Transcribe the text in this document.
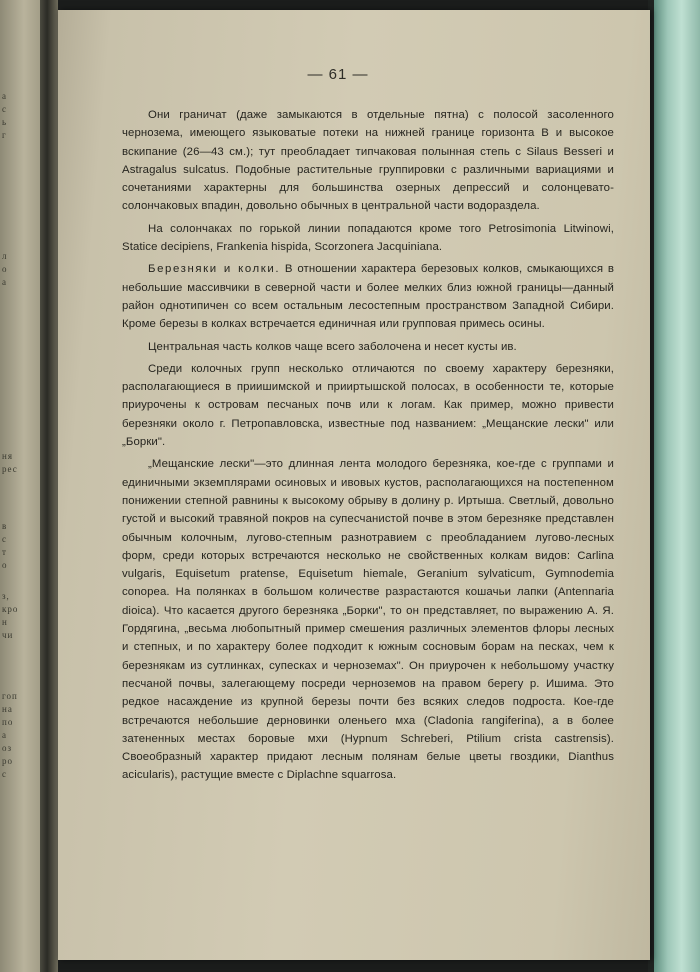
а
с
ь
г
л
о
а
ня
рес
в
с
т
о
з,
кро
н
чи
гоп
на
по
а
оз
ро
с
— 61 —

Они граничат (даже замыкаются в отдельные пятна) с полосой засоленного чернозема, имеющего языковатые потеки на нижней границе горизонта В и высокое вскипание (26—43 см.); тут преобладает типчаковая полынная степь с Silaus Besseri и Astragalus sulcatus. Подобные растительные группировки с различными вариациями и сочетаниями характерны для большинства озерных депрессий и солонцевато-солончаковых впадин, довольно обычных в центральной части водораздела.

На солончаках по горькой линии попадаются кроме того Petrosimonia Litwinowi, Statice decipiens, Frankenia hispida, Scorzonera Jacquiniana.

Березняки и колки. В отношении характера березовых колков, смыкающихся в небольшие массивчики в северной части и более мелких близ южной границы—данный район однотипичен со всем остальным лесостепным пространством Западной Сибири. Кроме березы в колках встречается единичная или групповая примесь осины.

Центральная часть колков чаще всего заболочена и несет кусты ив.

Среди колочных групп несколько отличаются по своему характеру березняки, располагающиеся в приишимской и прииртышской полосах, в особенности те, которые приурочены к островам песчаных почв или к логам. Как пример, можно привести березняки около г. Петропавловска, известные под названием: „Мещанские лески" или „Борки".

„Мещанские лески"—это длинная лента молодого березняка, кое-где с группами и единичными экземплярами осиновых и ивовых кустов, располагающихся на постепенном понижении степной равнины к высокому обрыву в долину р. Иртыша. Светлый, довольно густой и высокий травяной покров на супесчанистой почве в этом березняке представлен обычным колочным, лугово-степным разнотравием с преобладанием лугово-лесных форм, среди которых встречаются несколько не свойственных колкам видов: Carlina vulgaris, Equisetum pratense, Equisetum hiemale, Geranium sylvaticum, Gymnodemia conopea. На полянках в большом количестве разрастаются кошачьи лапки (Antennaria dioica). Что касается другого березняка „Борки", то он представляет, по выражению А. Я. Гордягина, „весьма любопытный пример смешения различных элементов флоры лесных и степных, и по характеру более подходит к южным сосновым борам на песках, чем к березнякам из сутлинках, супесках и черноземах". Он приурочен к небольшому участку песчаной почвы, залегающему посреди черноземов на правом берегу р. Ишима. Это редкое насаждение из крупной березы почти без всяких следов подроста. Кое-где встречаются небольшие дерновинки оленьего мха (Cladonia rangiferina), а в более затененных местах боровые мхи (Hypnum Schreberi, Ptilium crista castrensis). Своеобразный характер придают лесным полянам белые цветы гвоздики, Dianthus acicularis), растущие вместе с Diplachne squarrosa.
